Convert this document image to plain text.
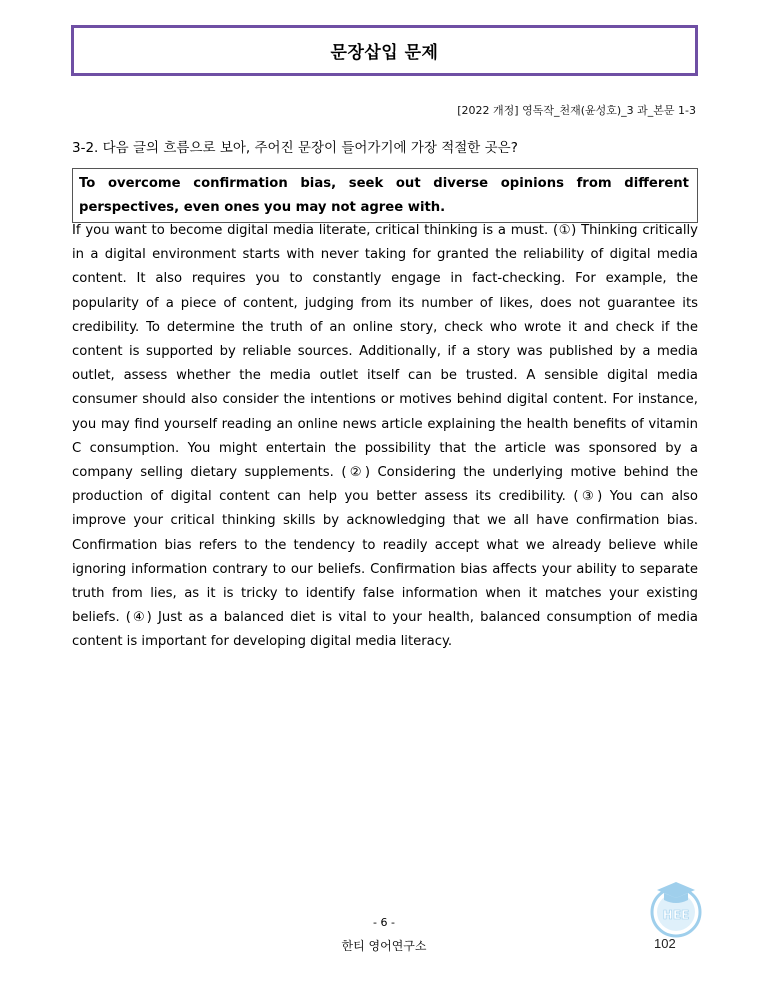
문장삽입 문제
[2022 개정] 영독작_천재(윤성호)_3 과_본문 1-3
3-2. 다음 글의 흐름으로 보아, 주어진 문장이 들어가기에 가장 적절한 곳은?
To overcome confirmation bias, seek out diverse opinions from different perspectives, even ones you may not agree with.

If you want to become digital media literate, critical thinking is a must. (①) Thinking critically in a digital environment starts with never taking for granted the reliability of digital media content. It also requires you to constantly engage in fact-checking. For example, the popularity of a piece of content, judging from its number of likes, does not guarantee its credibility. To determine the truth of an online story, check who wrote it and check if the content is supported by reliable sources. Additionally, if a story was published by a media outlet, assess whether the media outlet itself can be trusted. A sensible digital media consumer should also consider the intentions or motives behind digital content. For instance, you may find yourself reading an online news article explaining the health benefits of vitamin C consumption. You might entertain the possibility that the article was sponsored by a company selling dietary supplements. (②) Considering the underlying motive behind the production of digital content can help you better assess its credibility. (③) You can also improve your critical thinking skills by acknowledging that we all have confirmation bias. Confirmation bias refers to the tendency to readily accept what we already believe while ignoring information contrary to our beliefs. Confirmation bias affects your ability to separate truth from lies, as it is tricky to identify false information when it matches your existing beliefs. (④) Just as a balanced diet is vital to your health, balanced consumption of media content is important for developing digital media literacy.

- 6 -
한티 영어연구소
HEE
102
